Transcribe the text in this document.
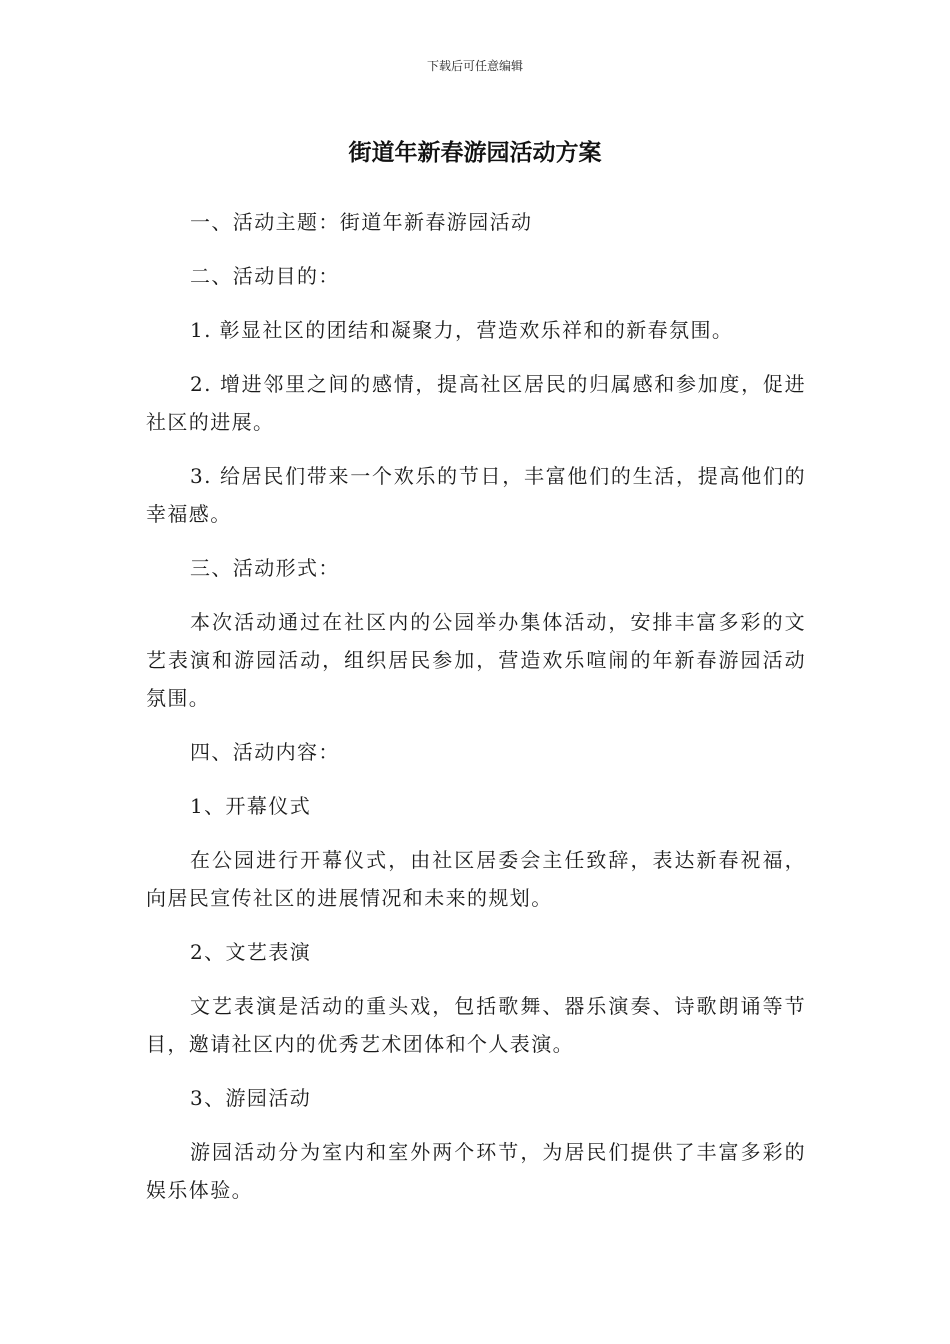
下载后可任意编辑
街道年新春游园活动方案

一、活动主题：街道年新春游园活动

二、活动目的：

1. 彰显社区的团结和凝聚力，营造欢乐祥和的新春氛围。

2. 增进邻里之间的感情，提高社区居民的归属感和参加度，促进社区的进展。

3. 给居民们带来一个欢乐的节日，丰富他们的生活，提高他们的幸福感。

三、活动形式：

本次活动通过在社区内的公园举办集体活动，安排丰富多彩的文艺表演和游园活动，组织居民参加，营造欢乐喧闹的年新春游园活动氛围。

四、活动内容：

1、开幕仪式

在公园进行开幕仪式，由社区居委会主任致辞，表达新春祝福，向居民宣传社区的进展情况和未来的规划。

2、文艺表演

文艺表演是活动的重头戏，包括歌舞、器乐演奏、诗歌朗诵等节目，邀请社区内的优秀艺术团体和个人表演。

3、游园活动

游园活动分为室内和室外两个环节，为居民们提供了丰富多彩的娱乐体验。
